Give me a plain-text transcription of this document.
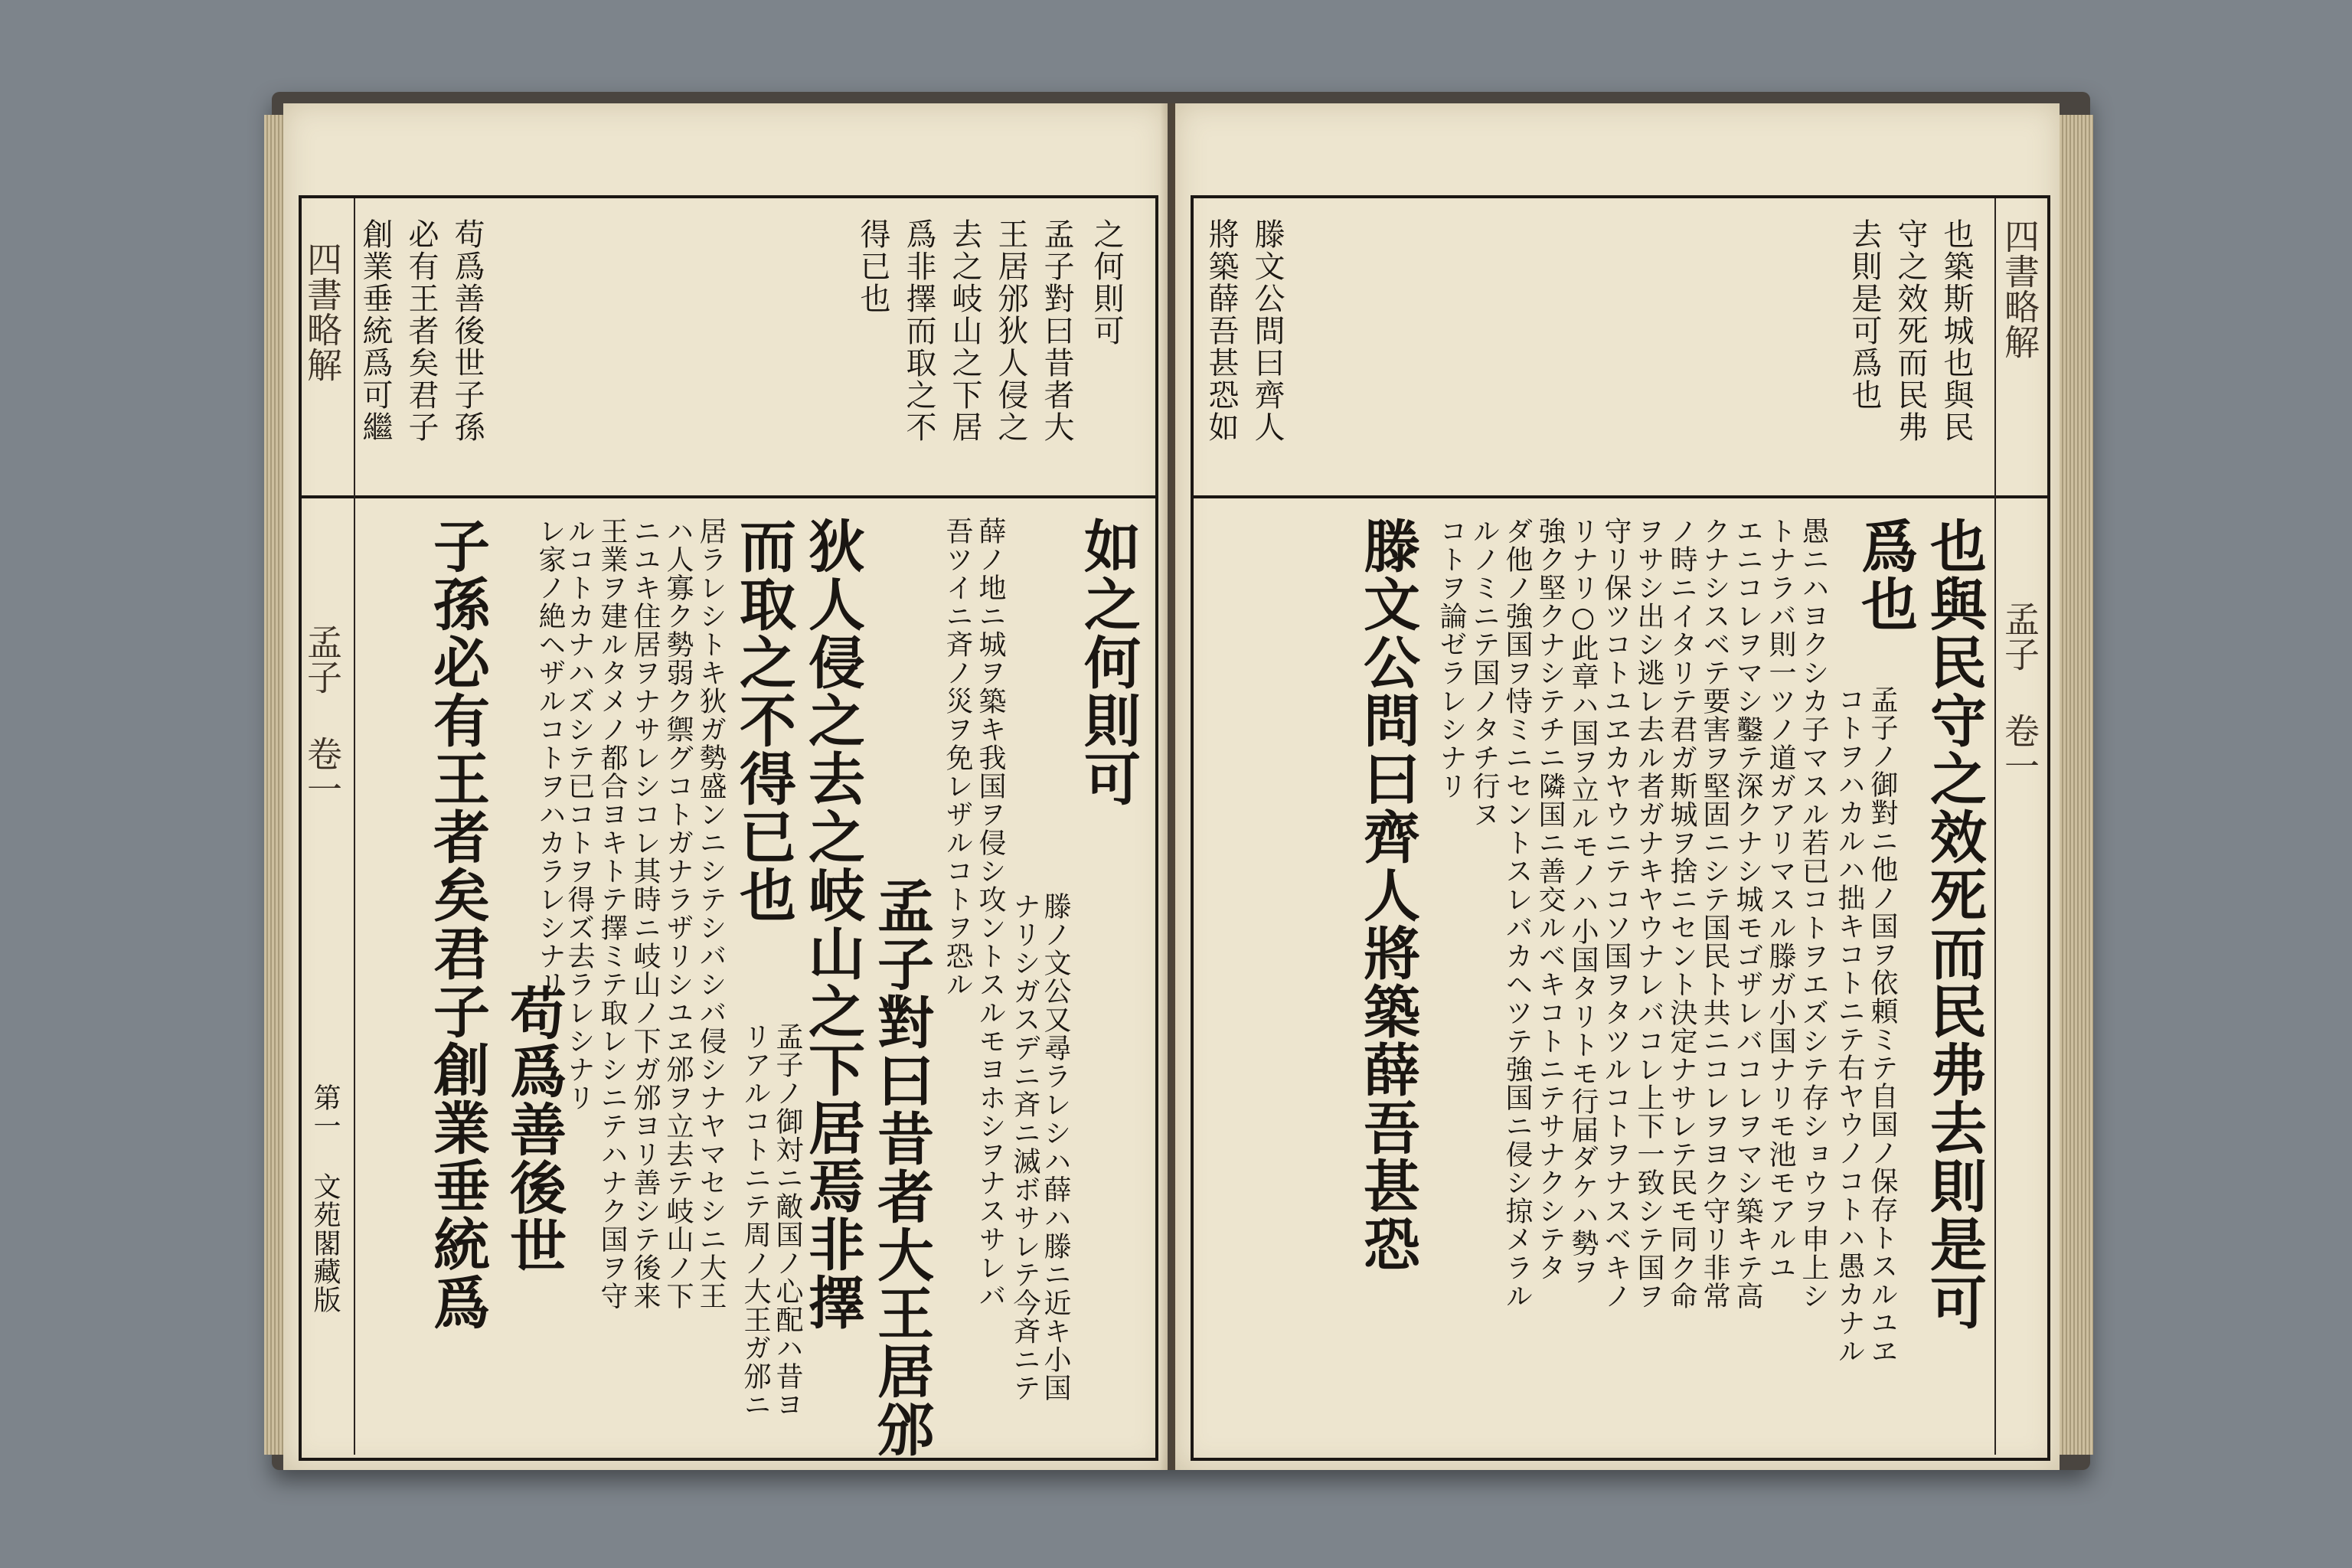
四書略解
孟子 卷一
第一 文苑閣藏版
之何則可
孟子對曰昔者大
王居邠狄人侵之
去之岐山之下居
爲非擇而取之不
得已也
苟爲善後世子孫
必有王者矣君子
創業垂統爲可繼
如之何則可
滕ノ文公又尋ラレシハ薛ハ滕ニ近キ小国
ナリシガスデニ斉ニ滅ボサレテ今斉ニテ
薛ノ地ニ城ヲ築キ我国ヲ侵シ攻ントスルモヨホシヲナスサレバ
吾ツイニ斉ノ災ヲ免レザルコトヲ恐ル
孟子對曰昔者大王居邠
狄人侵之去之岐山之下居焉非擇
而取之不得已也
孟子ノ御対ニ敵国ノ心配ハ昔ヨ
リアルコトニテ周ノ大王ガ邠ニ
居ラレシトキ狄ガ勢盛ンニシテシバシバ侵シナヤマセシニ大王
ハ人寡ク勢弱ク禦グコトガナラザリシユヱ邠ヲ立去テ岐山ノ下
ニユキ住居ヲナサレシコレ其時ニ岐山ノ下ガ邠ヨリ善シテ後来
王業ヲ建ルタメノ都合ヨキトテ擇ミテ取レシニテハナク国ヲ守
ルコトカナハズシテ已コトヲ得ズ去ラレシナリ
苟爲善後世
レ家ノ絶ヘザルコトヲハカラレシナリ
子孫必有王者矣君子創業垂統爲
四書略解
孟子 卷一
也築斯城也與民
守之效死而民弗
去則是可爲也
滕文公問曰齊人
將築薛吾甚恐如
也與民守之效死而民弗去則是可
爲也
孟子ノ御對ニ他ノ国ヲ依頼ミテ自国ノ保存トスルユヱ
コトヲハカルハ拙キコトニテ右ヤウノコトハ愚カナル
愚ニハヨクシカ子マスル若已コトヲエズシテ存ショウヲ申上シ
トナラバ則一ツノ道ガアリマスル滕ガ小国ナリモ池モアルユ
エニコレヲマシ鑿テ深クナシ城モゴザレバコレヲマシ築キテ高
クナシスベテ要害ヲ堅固ニシテ国民ト共ニコレヲヨク守リ非常
ノ時ニイタリテ君ガ斯城ヲ捨ニセント決定ナサレテ民モ同ク命
ヲサシ出シ逃レ去ル者ガナキヤウナレバコレ上下一致シテ国ヲ
守リ保ツコトユヱカヤウニテコソ国ヲタツルコトヲナスベキノ
リナリ○此章ハ国ヲ立ルモノハ小国タリトモ行届ダケハ勢ヲ
強ク堅クナシテチニ隣国ニ善交ルベキコトニテサナクシテタ
ダ他ノ強国ヲ恃ミニセントスレバカヘツテ強国ニ侵シ掠メラル
ルノミニテ国ノタチ行ヌ
コトヲ論ゼラレシナリ
滕文公問曰齊人將築薛吾甚恐
